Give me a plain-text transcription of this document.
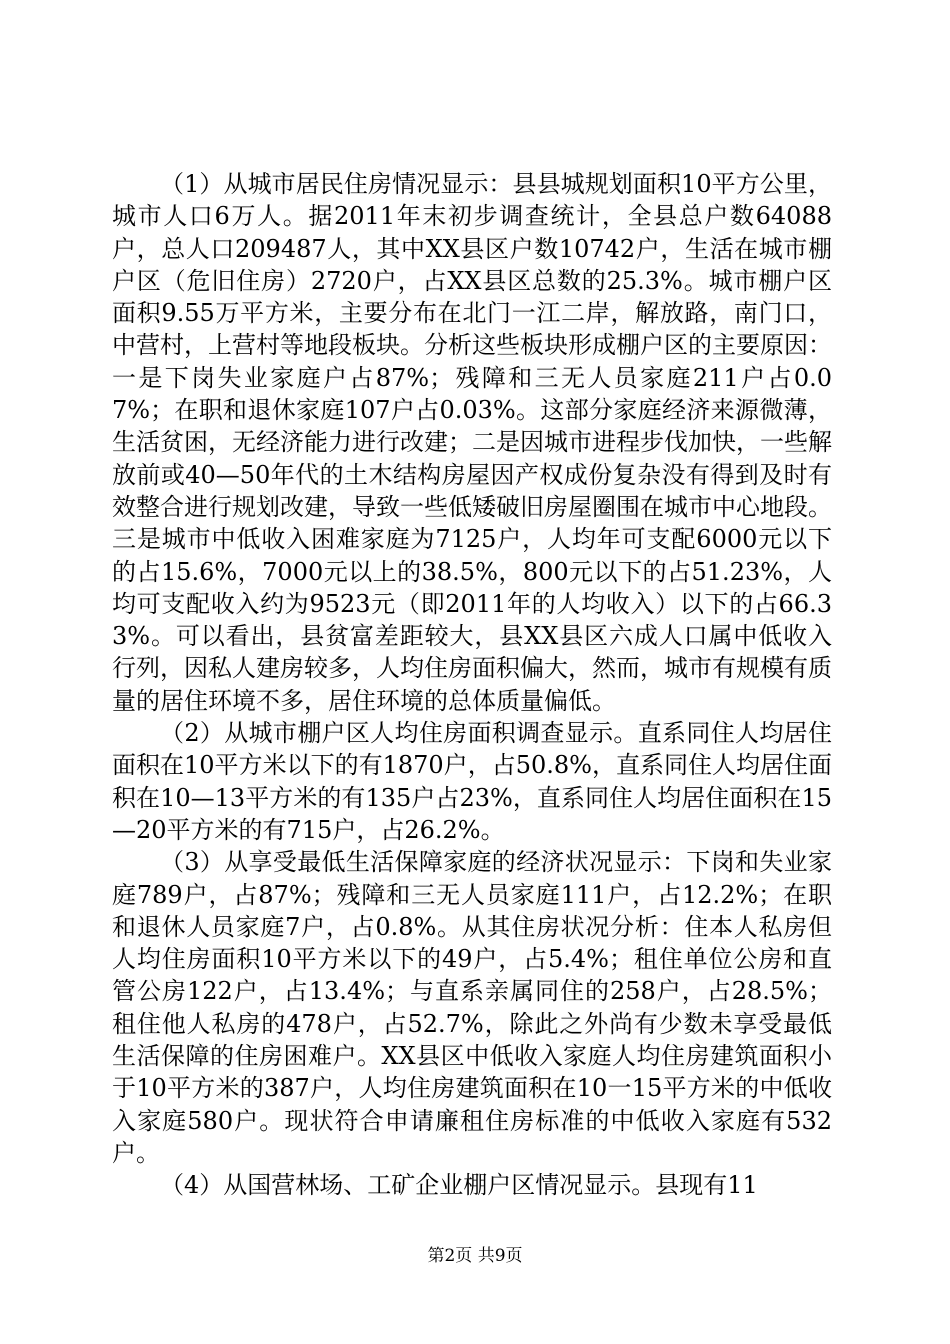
（1）从城市居民住房情况显示：县县城规划面积10平方公里，城市人口6万人。据2011年末初步调查统计，全县总户数64088户，总人口209487人，其中XX县区户数10742户，生活在城市棚户区（危旧住房）2720户，占XX县区总数的25.3%。城市棚户区面积9.55万平方米，主要分布在北门一江二岸，解放路，南门口，中营村，上营村等地段板块。分析这些板块形成棚户区的主要原因：一是下岗失业家庭户占87%；残障和三无人员家庭211户占0.07%；在职和退休家庭107户占0.03%。这部分家庭经济来源微薄，生活贫困，无经济能力进行改建；二是因城市进程步伐加快，一些解放前或40—50年代的土木结构房屋因产权成份复杂没有得到及时有效整合进行规划改建，导致一些低矮破旧房屋圈围在城市中心地段。三是城市中低收入困难家庭为7125户，人均年可支配6000元以下的占15.6%，7000元以上的38.5%，800元以下的占51.23%，人均可支配收入约为9523元（即2011年的人均收入）以下的占66.33%。可以看出，县贫富差距较大，县XX县区六成人口属中低收入行列，因私人建房较多，人均住房面积偏大，然而，城市有规模有质量的居住环境不多，居住环境的总体质量偏低。

（2）从城市棚户区人均住房面积调查显示。直系同住人均居住面积在10平方米以下的有1870户，占50.8%，直系同住人均居住面积在10—13平方米的有135户占23%，直系同住人均居住面积在15—20平方米的有715户，占26.2%。

（3）从享受最低生活保障家庭的经济状况显示：下岗和失业家庭789户，占87%；残障和三无人员家庭111户，占12.2%；在职和退休人员家庭7户，占0.8%。从其住房状况分析：住本人私房但人均住房面积10平方米以下的49户，占5.4%；租住单位公房和直管公房122户，占13.4%；与直系亲属同住的258户，占28.5%；租住他人私房的478户，占52.7%，除此之外尚有少数未享受最低生活保障的住房困难户。XX县区中低收入家庭人均住房建筑面积小于10平方米的387户，人均住房建筑面积在10一15平方米的中低收入家庭580户。现状符合申请廉租住房标准的中低收入家庭有532户。

（4）从国营林场、工矿企业棚户区情况显示。县现有11

第2页 共9页
